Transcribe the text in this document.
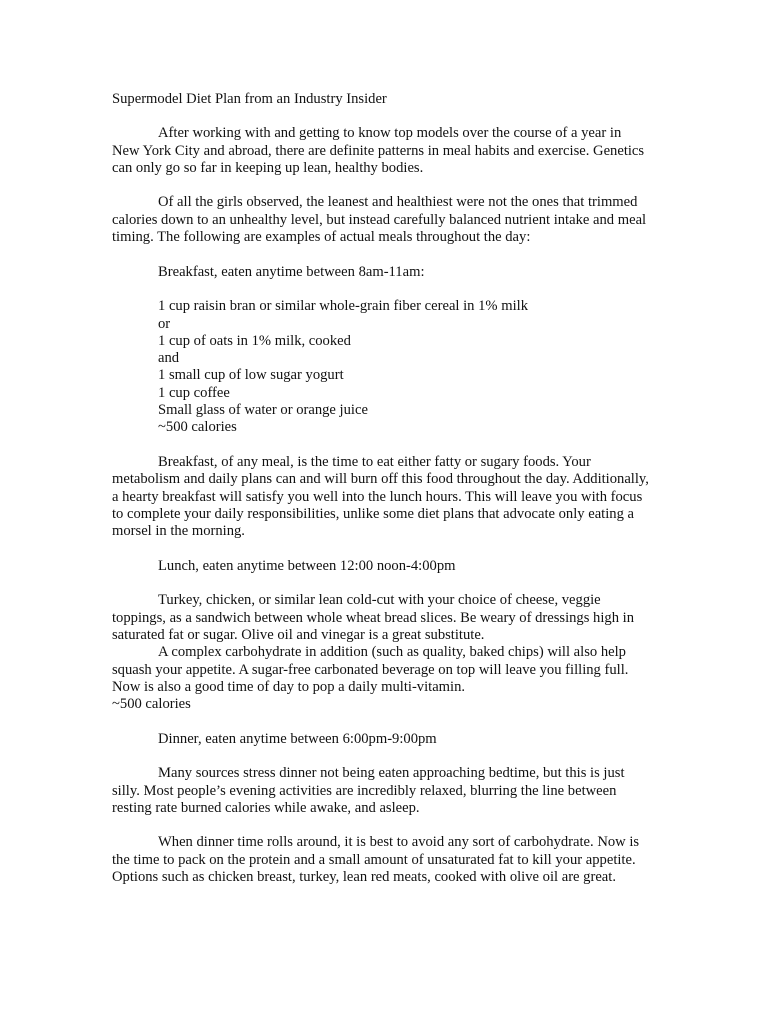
Supermodel Diet Plan from an Industry Insider

After working with and getting to know top models over the course of a year in New York City and abroad, there are definite patterns in meal habits and exercise. Genetics can only go so far in keeping up lean, healthy bodies.

Of all the girls observed, the leanest and healthiest were not the ones that trimmed calories down to an unhealthy level, but instead carefully balanced nutrient intake and meal timing. The following are examples of actual meals throughout the day:

Breakfast, eaten anytime between 8am-11am:
1 cup raisin bran or similar whole-grain fiber cereal in 1% milk
or
1 cup of oats in 1% milk, cooked
and
1 small cup of low sugar yogurt
1 cup coffee
Small glass of water or orange juice
~500 calories

Breakfast, of any meal, is the time to eat either fatty or sugary foods. Your metabolism and daily plans can and will burn off this food throughout the day. Additionally, a hearty breakfast will satisfy you well into the lunch hours. This will leave you with focus to complete your daily responsibilities, unlike some diet plans that advocate only eating a morsel in the morning.

Lunch, eaten anytime between 12:00 noon-4:00pm

Turkey, chicken, or similar lean cold-cut with your choice of cheese, veggie toppings, as a sandwich between whole wheat bread slices. Be weary of dressings high in saturated fat or sugar. Olive oil and vinegar is a great substitute.

A complex carbohydrate in addition (such as quality, baked chips) will also help squash your appetite. A sugar-free carbonated beverage on top will leave you filling full. Now is also a good time of day to pop a daily multi-vitamin.

~500 calories
Dinner, eaten anytime between 6:00pm-9:00pm

Many sources stress dinner not being eaten approaching bedtime, but this is just silly. Most people’s evening activities are incredibly relaxed, blurring the line between resting rate burned calories while awake, and asleep.

When dinner time rolls around, it is best to avoid any sort of carbohydrate. Now is the time to pack on the protein and a small amount of unsaturated fat to kill your appetite. Options such as chicken breast, turkey, lean red meats, cooked with olive oil are great.
